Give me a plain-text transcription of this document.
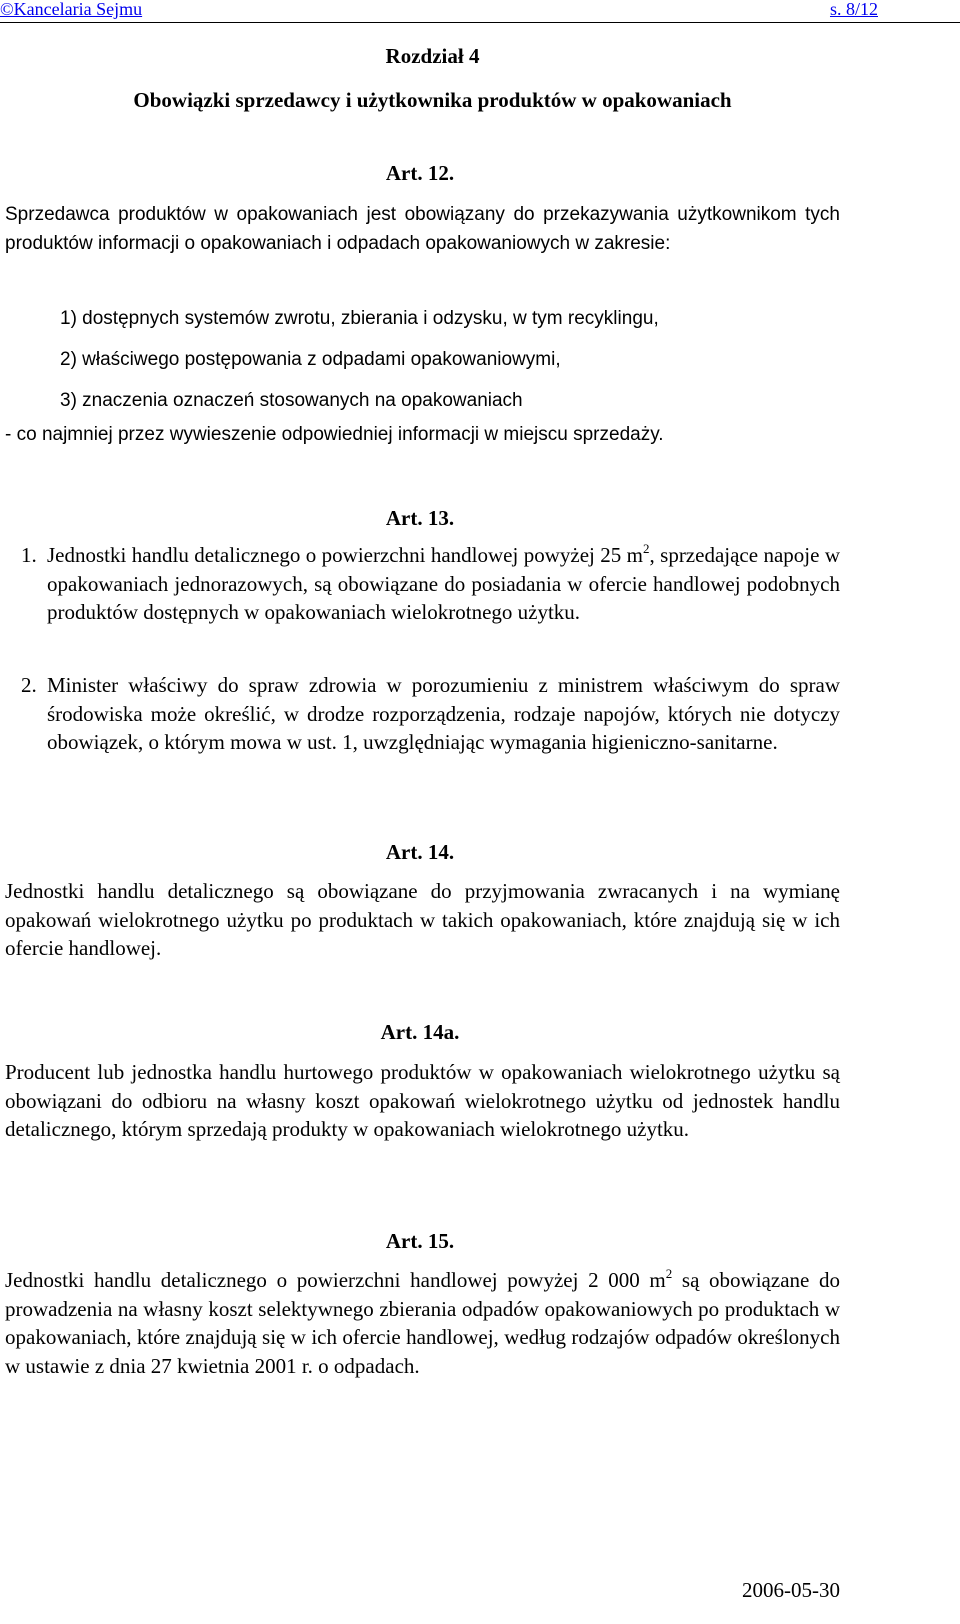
©Kancelaria Sejmu	s. 8/12
Rozdział 4
Obowiązki sprzedawcy i użytkownika produktów w opakowaniach
Art. 12.
Sprzedawca produktów w opakowaniach jest obowiązany do przekazywania użytkownikom tych produktów informacji o opakowaniach i odpadach opakowaniowych w zakresie:
1) dostępnych systemów zwrotu, zbierania i odzysku, w tym recyklingu,
2) właściwego postępowania z odpadami opakowaniowymi,
3) znaczenia oznaczeń stosowanych na opakowaniach
- co najmniej przez wywieszenie odpowiedniej informacji w miejscu sprzedaży.
Art. 13.
1. Jednostki handlu detalicznego o powierzchni handlowej powyżej 25 $m^2$, sprzedające napoje w opakowaniach jednorazowych, są obowiązane do posiadania w ofercie handlowej podobnych produktów dostępnych w opakowaniach wielokrotnego użytku.
2. Minister właściwy do spraw zdrowia w porozumieniu z ministrem właściwym do spraw środowiska może określić, w drodze rozporządzenia, rodzaje napojów, których nie dotyczy obowiązek, o którym mowa w ust. 1, uwzględniając wymagania higieniczno-sanitarne.
Art. 14.
Jednostki handlu detalicznego są obowiązane do przyjmowania zwracanych i na wymianę opakowań wielokrotnego użytku po produktach w takich opakowaniach, które znajdują się w ich ofercie handlowej.
Art. 14a.
Producent lub jednostka handlu hurtowego produktów w opakowaniach wielokrotnego użytku są obowiązani do odbioru na własny koszt opakowań wielokrotnego użytku od jednostek handlu detalicznego, którym sprzedają produkty w opakowaniach wielokrotnego użytku.
Art. 15.
Jednostki handlu detalicznego o powierzchni handlowej powyżej 2 000 $m^2$ są obowiązane do prowadzenia na własny koszt selektywnego zbierania odpadów opakowaniowych po produktach w opakowaniach, które znajdują się w ich ofercie handlowej, według rodzajów odpadów określonych w ustawie z dnia 27 kwietnia 2001 r. o odpadach.
2006-05-30
